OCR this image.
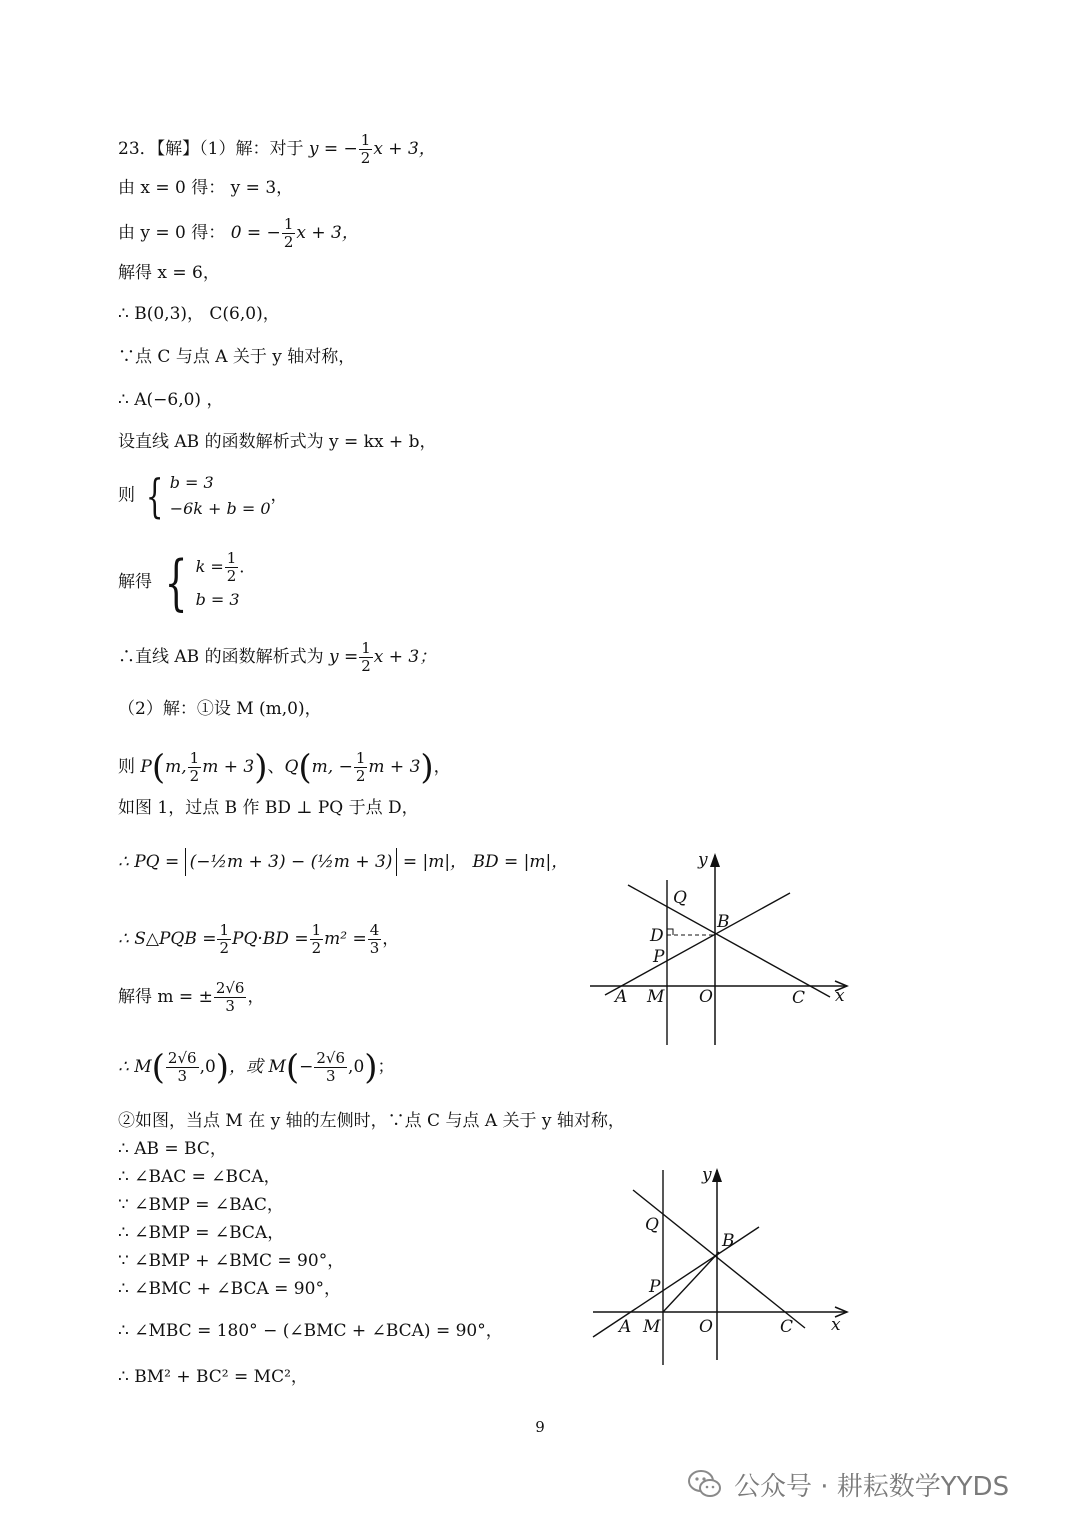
23．【解】（1）解：对于 y = − $\frac{1}{2}$ x + 3，
由 x = 0 得： y = 3，
由 y = 0 得： 0 = − $\frac{1}{2}$ x + 3，
解得 x = 6，
∴ B(0,3)， C(6,0)，
∵点 C 与点 A 关于 y 轴对称，
∴ A(−6,0) ，
设直线 AB 的函数解析式为 y = kx + b，
则 { b = 3
−6k + b = 0
，
解得 { $k = \frac{1}{2}$ ．
b = 3
∴直线 AB 的函数解析式为 $y = \frac{1}{2}$ x + 3；
（2）解：①设 M (m,0)，
则 P(m, $\frac{1}{2}$ m + 3)、Q(m, − $\frac{1}{2}$ m + 3)，
如图 1，过点 B 作 BD ⊥ PQ 于点 D，
∴ PQ = (−½m + 3) − (½m + 3) = |m|， BD = |m|，
∴ S△PQB = $\frac{1}{2} PQ\cdot BD = \frac{1}{2} m^2 = \frac{4}{3}$ ，
解得 m = ± $\frac{2√6}{3}$ ，
∴ $M( \frac{2√6}{3} ,0)$，或 $M(- \frac{2√6}{3} ,0)$；
②如图，当点 M 在 y 轴的左侧时，∵点 C 与点 A 关于 y 轴对称，
∴ AB = BC，
∴ ∠BAC = ∠BCA，
∵ ∠BMP = ∠BAC，
∴ ∠BMP = ∠BCA，
∵ ∠BMP + ∠BMC = 90°，
∴ ∠BMC + ∠BCA = 90°，
∴ ∠MBC = 180° − (∠BMC + ∠BCA) = 90°，
∴ BM² + BC² = MC²，
y
Q
B
D
P
A M O	C x
y
Q
B
P
A M O	C x
9
公众号 · 耕耘数学YYDS
